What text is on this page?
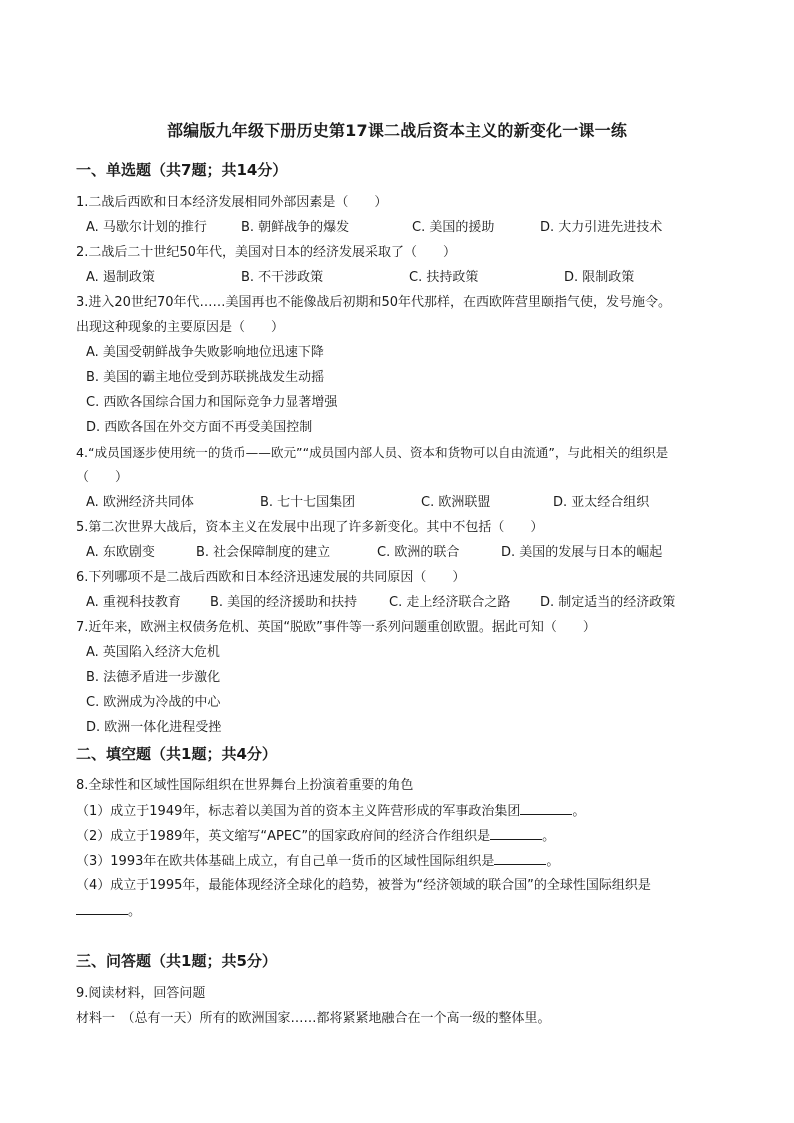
部编版九年级下册历史第17课二战后资本主义的新变化一课一练
一、单选题（共7题；共14分）
1.二战后西欧和日本经济发展相同外部因素是（　　）
A. 马歇尔计划的推行	B. 朝鲜战争的爆发	C. 美国的援助	D. 大力引进先进技术
2.二战后二十世纪50年代，美国对日本的经济发展采取了（　　）
A. 遏制政策	B. 不干涉政策	C. 扶持政策	D. 限制政策
3.进入20世纪70年代……美国再也不能像战后初期和50年代那样，在西欧阵营里颐指气使，发号施令。
出现这种现象的主要原因是（　　）
A. 美国受朝鲜战争失败影响地位迅速下降
B. 美国的霸主地位受到苏联挑战发生动摇
C. 西欧各国综合国力和国际竞争力显著增强
D. 西欧各国在外交方面不再受美国控制
4.“成员国逐步使用统一的货币——欧元”“成员国内部人员、资本和货物可以自由流通”，与此相关的组织是
（　　）
A. 欧洲经济共同体	B. 七十七国集团	C. 欧洲联盟	D. 亚太经合组织
5.第二次世界大战后，资本主义在发展中出现了许多新变化。其中不包括（　　）
A. 东欧剧变	B. 社会保障制度的建立	C. 欧洲的联合	D. 美国的发展与日本的崛起
6.下列哪项不是二战后西欧和日本经济迅速发展的共同原因（　　）
A. 重视科技教育 B. 美国的经济援助和扶持 C. 走上经济联合之路 D. 制定适当的经济政策
7.近年来，欧洲主权债务危机、英国“脱欧”事件等一系列问题重创欧盟。据此可知（　　）
A. 英国陷入经济大危机
B. 法德矛盾进一步激化
C. 欧洲成为冷战的中心
D. 欧洲一体化进程受挫
二、填空题（共1题；共4分）
8.全球性和区域性国际组织在世界舞台上扮演着重要的角色
（1）成立于1949年，标志着以美国为首的资本主义阵营形成的军事政治集团	。
（2）成立于1989年，英文缩写“APEC”的国家政府间的经济合作组织是	。
（3）1993年在欧共体基础上成立，有自己单一货币的区域性国际组织是	。
（4）成立于1995年，最能体现经济全球化的趋势，被誉为“经济领域的联合国”的全球性国际组织是
。
三、问答题（共1题；共5分）
9.阅读材料，回答问题
材料一　（总有一天）所有的欧洲国家……都将紧紧地融合在一个高一级的整体里。
